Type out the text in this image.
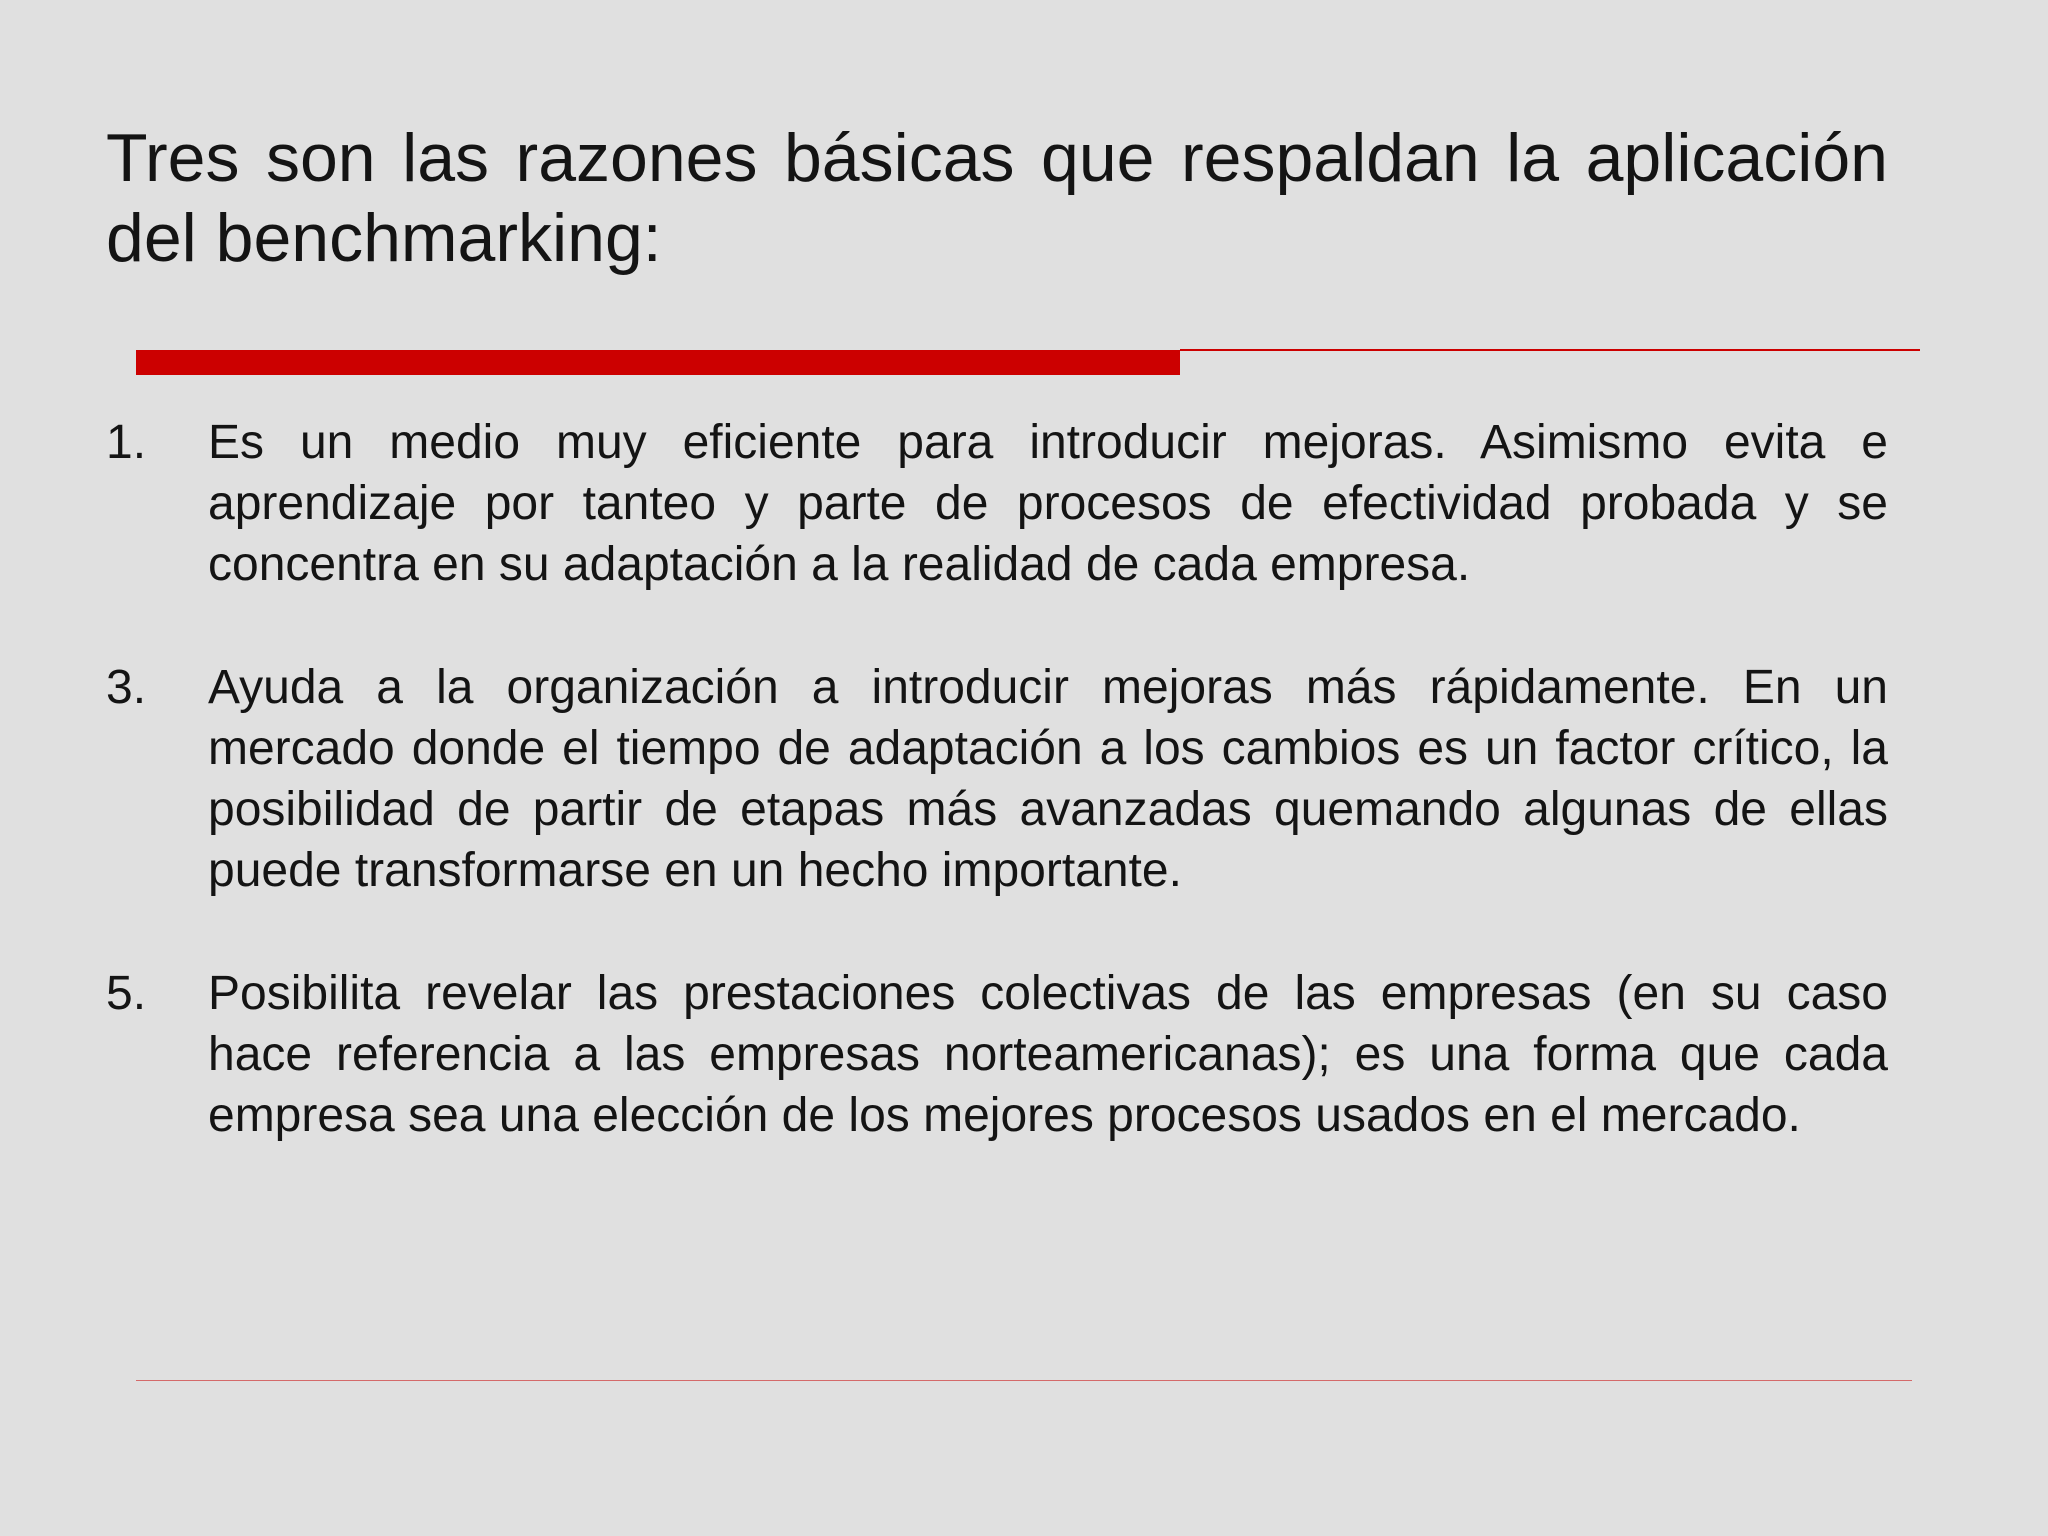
Tres son las razones básicas que respaldan la aplicación del benchmarking:
1. Es un medio muy eficiente para introducir mejoras. Asimismo evita e aprendizaje por tanteo y parte de procesos de efectividad probada y se concentra en su adaptación a la realidad de cada empresa.
3. Ayuda a la organización a introducir mejoras más rápidamente. En un mercado donde el tiempo de adaptación a los cambios es un factor crítico, la posibilidad de partir de etapas más avanzadas quemando algunas de ellas puede transformarse en un hecho importante.
5. Posibilita revelar las prestaciones colectivas de las empresas (en su caso hace referencia a las empresas norteamericanas); es una forma que cada empresa sea una elección de los mejores procesos usados en el mercado.
